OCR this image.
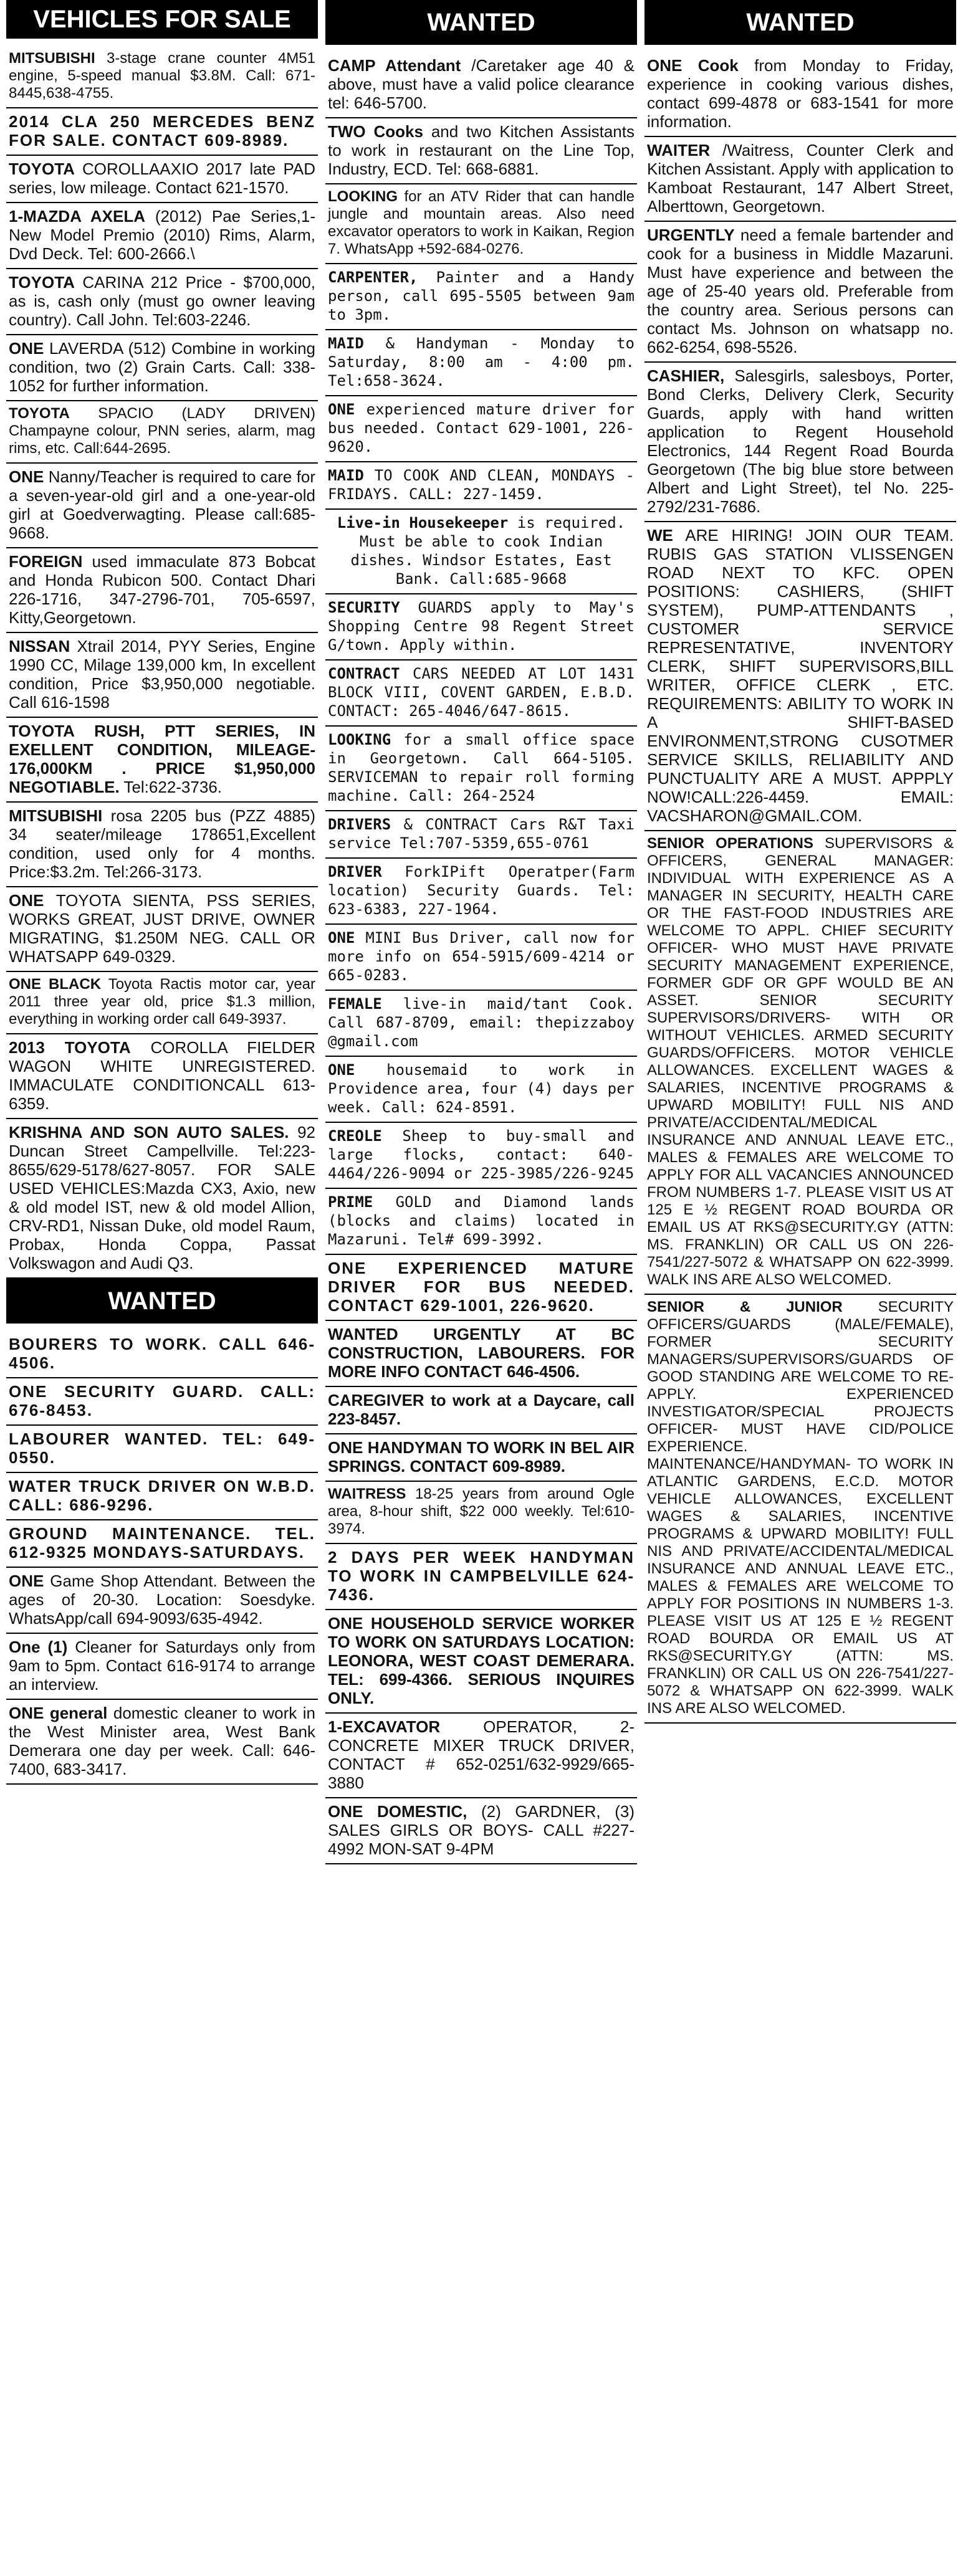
VEHICLES FOR SALE
MITSUBISHI 3-stage crane counter 4M51 engine, 5-speed manual $3.8M. Call: 671-8445,638-4755.
2014 CLA 250 MERCEDES BENZ FOR SALE. CONTACT 609-8989.
TOYOTA COROLLAAXIO 2017 late PAD series, low mileage. Contact 621-1570.
1-MAZDA AXELA (2012) Pae Series,1- New Model Premio (2010) Rims, Alarm, Dvd Deck. Tel: 600-2666.\
TOYOTA CARINA 212 Price - $700,000, as is, cash only (must go owner leaving country). Call John. Tel:603-2246.
ONE LAVERDA (512) Combine in working condition, two (2) Grain Carts. Call: 338-1052 for further information.
TOYOTA SPACIO (LADY DRIVEN) Champayne colour, PNN series, alarm, mag rims, etc. Call:644-2695.
ONE Nanny/Teacher is required to care for a seven-year-old girl and a one-year-old girl at Goedverwagting. Please call:685-9668.
FOREIGN used immaculate 873 Bobcat and Honda Rubicon 500. Contact Dhari 226-1716, 347-2796-701, 705-6597, Kitty,Georgetown.
NISSAN Xtrail 2014, PYY Series, Engine 1990 CC, Milage 139,000 km, In excellent condition, Price $3,950,000 negotiable. Call 616-1598
TOYOTA RUSH, PTT SERIES, IN EXELLENT CONDITION, MILEAGE-176,000KM . PRICE $1,950,000 NEGOTIABLE. Tel:622-3736.
MITSUBISHI rosa 2205 bus (PZZ 4885) 34 seater/mileage 178651,Excellent condition, used only for 4 months. Price:$3.2m. Tel:266-3173.
ONE TOYOTA SIENTA, PSS SERIES, WORKS GREAT, JUST DRIVE, OWNER MIGRATING, $1.250M NEG. CALL OR WHATSAPP 649-0329.
ONE BLACK Toyota Ractis motor car, year 2011 three year old, price $1.3 million, everything in working order call 649-3937.
2013 TOYOTA COROLLA FIELDER WAGON WHITE UNREGISTERED. IMMACULATE CONDITIONCALL 613-6359.
KRISHNA AND SON AUTO SALES. 92 Duncan Street Campellville. Tel:223-8655/629-5178/627-8057. FOR SALE USED VEHICLES:Mazda CX3, Axio, new & old model IST, new & old model Allion, CRV-RD1, Nissan Duke, old model Raum, Probax, Honda Coppa, Passat Volkswagon and Audi Q3.
WANTED
BOURERS TO WORK. CALL 646-4506.
ONE SECURITY GUARD. CALL: 676-8453.
LABOURER WANTED. TEL: 649-0550.
WATER TRUCK DRIVER ON W.B.D. CALL: 686-9296.
GROUND MAINTENANCE. TEL. 612-9325 MONDAYS-SATURDAYS.
ONE Game Shop Attendant. Between the ages of 20-30. Location: Soesdyke. WhatsApp/call 694-9093/635-4942.
One (1) Cleaner for Saturdays only from 9am to 5pm. Contact 616-9174 to arrange an interview.
ONE general domestic cleaner to work in the West Minister area, West Bank Demerara one day per week. Call: 646-7400, 683-3417.
WANTED
CAMP Attendant /Caretaker age 40 & above, must have a valid police clearance tel: 646-5700.
TWO Cooks and two Kitchen Assistants to work in restaurant on the Line Top, Industry, ECD. Tel: 668-6881.
LOOKING for an ATV Rider that can handle jungle and mountain areas. Also need excavator operators to work in Kaikan, Region 7. WhatsApp +592-684-0276.
CARPENTER, Painter and a Handy person, call 695-5505 between 9am to 3pm.
MAID & Handyman - Monday to Saturday, 8:00 am - 4:00 pm. Tel:658-3624.
ONE experienced mature driver for bus needed. Contact 629-1001, 226-9620.
MAID TO COOK AND CLEAN, MONDAYS - FRIDAYS. CALL: 227-1459.
Live-in Housekeeper is required. Must be able to cook Indian dishes. Windsor Estates, East Bank. Call:685-9668
SECURITY GUARDS apply to May's Shopping Centre 98 Regent Street G/town. Apply within.
CONTRACT CARS NEEDED AT LOT 1431 BLOCK VIII, COVENT GARDEN, E.B.D. CONTACT: 265-4046/647-8615.
LOOKING for a small office space in Georgetown. Call 664-5105. SERVICEMAN to repair roll forming machine. Call: 264-2524
DRIVERS & CONTRACT Cars R&T Taxi service Tel:707-5359,655-0761
DRIVER ForkIPift Operatper(Farm location) Security Guards. Tel: 623-6383, 227-1964.
ONE MINI Bus Driver, call now for more info on 654-5915/609-4214 or 665-0283.
FEMALE live-in maid/tant Cook. Call 687-8709, email: thepizzaboy @gmail.com
ONE housemaid to work in Providence area, four (4) days per week. Call: 624-8591.
CREOLE Sheep to buy-small and large flocks, contact: 640-4464/226-9094 or 225-3985/226-9245
PRIME GOLD and Diamond lands (blocks and claims) located in Mazaruni. Tel# 699-3992.
ONE EXPERIENCED MATURE DRIVER FOR BUS NEEDED. CONTACT 629-1001, 226-9620.
WANTED URGENTLY AT BC CONSTRUCTION, LABOURERS. FOR MORE INFO CONTACT 646-4506.
CAREGIVER to work at a Daycare, call 223-8457.
ONE HANDYMAN TO WORK IN BEL AIR SPRINGS. CONTACT 609-8989.
WAITRESS 18-25 years from around Ogle area, 8-hour shift, $22 000 weekly. Tel:610-3974.
2 DAYS PER WEEK HANDYMAN TO WORK IN CAMPBELVILLE 624-7436.
ONE HOUSEHOLD SERVICE WORKER TO WORK ON SATURDAYS LOCATION: LEONORA, WEST COAST DEMERARA. TEL: 699-4366. SERIOUS INQUIRES ONLY.
1-EXCAVATOR	OPERATOR, 2- CONCRETE MIXER TRUCK DRIVER, CONTACT # 652-0251/632-9929/665-3880
ONE DOMESTIC, (2) GARDNER, (3) SALES GIRLS OR BOYS- CALL #227-4992 MON-SAT 9-4PM
WANTED
ONE Cook from Monday to Friday, experience in cooking various dishes, contact 699-4878 or 683-1541 for more information.
WAITER /Waitress, Counter Clerk and Kitchen Assistant. Apply with application to Kamboat Restaurant, 147 Albert Street, Alberttown, Georgetown.
URGENTLY need a female bartender and cook for a business in Middle Mazaruni. Must have experience and between the age of 25-40 years old. Preferable from the country area. Serious persons can contact Ms. Johnson on whatsapp no. 662-6254, 698-5526.
CASHIER, Salesgirls, salesboys, Porter, Bond Clerks, Delivery Clerk, Security Guards, apply with hand written application to Regent Household Electronics, 144 Regent Road Bourda Georgetown (The big blue store between Albert and Light Street), tel No. 225-2792/231-7686.
WE ARE HIRING! JOIN OUR TEAM. RUBIS GAS STATION VLISSENGEN ROAD NEXT TO KFC. OPEN POSITIONS: CASHIERS, (SHIFT SYSTEM), PUMP-ATTENDANTS , CUSTOMER SERVICE REPRESENTATIVE, INVENTORY CLERK, SHIFT SUPERVISORS,BILL WRITER, OFFICE CLERK , ETC. REQUIREMENTS: ABILITY TO WORK IN A SHIFT-BASED ENVIRONMENT,STRONG CUSOTMER SERVICE SKILLS, RELIABILITY AND PUNCTUALITY ARE A MUST. APPPLY NOW!CALL:226-4459. EMAIL: VACSHARON@GMAIL.COM.
SENIOR OPERATIONS SUPERVISORS & OFFICERS, GENERAL MANAGER: INDIVIDUAL WITH EXPERIENCE AS A MANAGER IN SECURITY, HEALTH CARE OR THE FAST-FOOD INDUSTRIES ARE WELCOME TO APPL. CHIEF SECURITY OFFICER- WHO MUST HAVE PRIVATE SECURITY MANAGEMENT EXPERIENCE, FORMER GDF OR GPF WOULD BE AN ASSET. SENIOR SECURITY SUPERVISORS/DRIVERS- WITH OR WITHOUT VEHICLES. ARMED SECURITY GUARDS/OFFICERS. MOTOR VEHICLE ALLOWANCES. EXCELLENT WAGES & SALARIES, INCENTIVE PROGRAMS & UPWARD MOBILITY! FULL NIS AND PRIVATE/ACCIDENTAL/MEDICAL INSURANCE AND ANNUAL LEAVE ETC., MALES & FEMALES ARE WELCOME TO APPLY FOR ALL VACANCIES ANNOUNCED FROM NUMBERS 1-7. PLEASE VISIT US AT 125 E ½ REGENT ROAD BOURDA OR EMAIL US AT RKS@SECURITY.GY (ATTN: MS. FRANKLIN) OR CALL US ON 226-7541/227-5072 & WHATSAPP ON 622-3999. WALK INS ARE ALSO WELCOMED.
SENIOR & JUNIOR SECURITY OFFICERS/GUARDS (MALE/FEMALE), FORMER SECURITY MANAGERS/SUPERVISORS/GUARDS OF GOOD STANDING ARE WELCOME TO RE-APPLY. EXPERIENCED INVESTIGATOR/SPECIAL PROJECTS OFFICER- MUST HAVE CID/POLICE EXPERIENCE. MAINTENANCE/HANDYMAN- TO WORK IN ATLANTIC GARDENS, E.C.D. MOTOR VEHICLE ALLOWANCES, EXCELLENT WAGES & SALARIES, INCENTIVE PROGRAMS & UPWARD MOBILITY! FULL NIS AND PRIVATE/ACCIDENTAL/MEDICAL INSURANCE AND ANNUAL LEAVE ETC., MALES & FEMALES ARE WELCOME TO APPLY FOR POSITIONS IN NUMBERS 1-3. PLEASE VISIT US AT 125 E ½ REGENT ROAD BOURDA OR EMAIL US AT RKS@SECURITY.GY (ATTN: MS. FRANKLIN) OR CALL US ON 226-7541/227-5072 & WHATSAPP ON 622-3999. WALK INS ARE ALSO WELCOMED.
